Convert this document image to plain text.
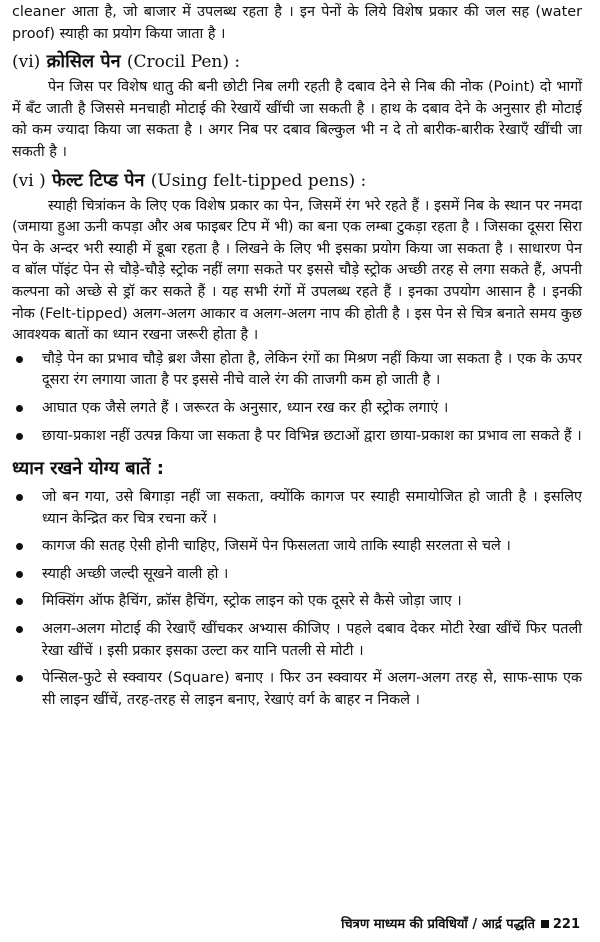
cleaner आता है, जो बाजार में उपलब्ध रहता है । इन पेनों के लिये विशेष प्रकार की जल सह (water proof) स्याही का प्रयोग किया जाता है ।

(vi) क्रोसिल पेन (Crocil Pen) :

पेन जिस पर विशेष धातु की बनी छोटी निब लगी रहती है दबाव देने से निब की नोक (Point) दो भागों में बँट जाती है जिससे मनचाही मोटाई की रेखायें खींची जा सकती है । हाथ के दबाव देने के अनुसार ही मोटाई को कम ज्यादा किया जा सकता है । अगर निब पर दबाव बिल्कुल भी न दे तो बारीक-बारीक रेखाएँ खींची जा सकती है ।

(vi ) फेल्ट टिप्ड पेन (Using felt-tipped pens) :

स्याही चित्रांकन के लिए एक विशेष प्रकार का पेन, जिसमें रंग भरे रहते हैं । इसमें निब के स्थान पर नमदा (जमाया हुआ ऊनी कपड़ा और अब फाइबर टिप में भी) का बना एक लम्बा टुकड़ा रहता है । जिसका दूसरा सिरा पेन के अन्दर भरी स्याही में डूबा रहता है । लिखने के लिए भी इसका प्रयोग किया जा सकता है । साधारण पेन व बॉल पॉइंट पेन से चौड़े-चौड़े स्ट्रोक नहीं लगा सकते पर इससे चौड़े स्ट्रोक अच्छी तरह से लगा सकते हैं, अपनी कल्पना को अच्छे से ड्रॉ कर सकते हैं । यह सभी रंगों में उपलब्ध रहते हैं । इनका उपयोग आसान है । इनकी नोक (Felt-tipped) अलग-अलग आकार व अलग-अलग नाप की होती है । इस पेन से चित्र बनाते समय कुछ आवश्यक बातों का ध्यान रखना जरूरी होता है ।

चौड़े पेन का प्रभाव चौड़े ब्रश जैसा होता है, लेकिन रंगों का मिश्रण नहीं किया जा सकता है । एक के ऊपर दूसरा रंग लगाया जाता है पर इससे नीचे वाले रंग की ताजगी कम हो जाती है ।
आघात एक जैसे लगते हैं । जरूरत के अनुसार, ध्यान रख कर ही स्ट्रोक लगाएं ।
छाया-प्रकाश नहीं उत्पन्न किया जा सकता है पर विभिन्न छटाओं द्वारा छाया-प्रकाश का प्रभाव ला सकते हैं ।
ध्यान रखने योग्य बातें :
जो बन गया, उसे बिगाड़ा नहीं जा सकता, क्योंकि कागज पर स्याही समायोजित हो जाती है । इसलिए ध्यान केन्द्रित कर चित्र रचना करें ।
कागज की सतह ऐसी होनी चाहिए, जिसमें पेन फिसलता जाये ताकि स्याही सरलता से चले ।
स्याही अच्छी जल्दी सूखने वाली हो ।
मिक्सिंग ऑफ हैचिंग, क्रॉस हैचिंग, स्ट्रोक लाइन को एक दूसरे से कैसे जोड़ा जाए ।
अलग-अलग मोटाई की रेखाएँ खींचकर अभ्यास कीजिए । पहले दबाव देकर मोटी रेखा खींचें फिर पतली रेखा खींचें । इसी प्रकार इसका उल्टा कर यानि पतली से मोटी ।
पेन्सिल-फुटे से स्क्वायर (Square) बनाए । फिर उन स्क्वायर में अलग-अलग तरह से, साफ-साफ एक सी लाइन खींचें, तरह-तरह से लाइन बनाए, रेखाएं वर्ग के बाहर न निकले ।
चित्रण माध्यम की प्रविधियाँ / आर्द्र पद्धति 221
